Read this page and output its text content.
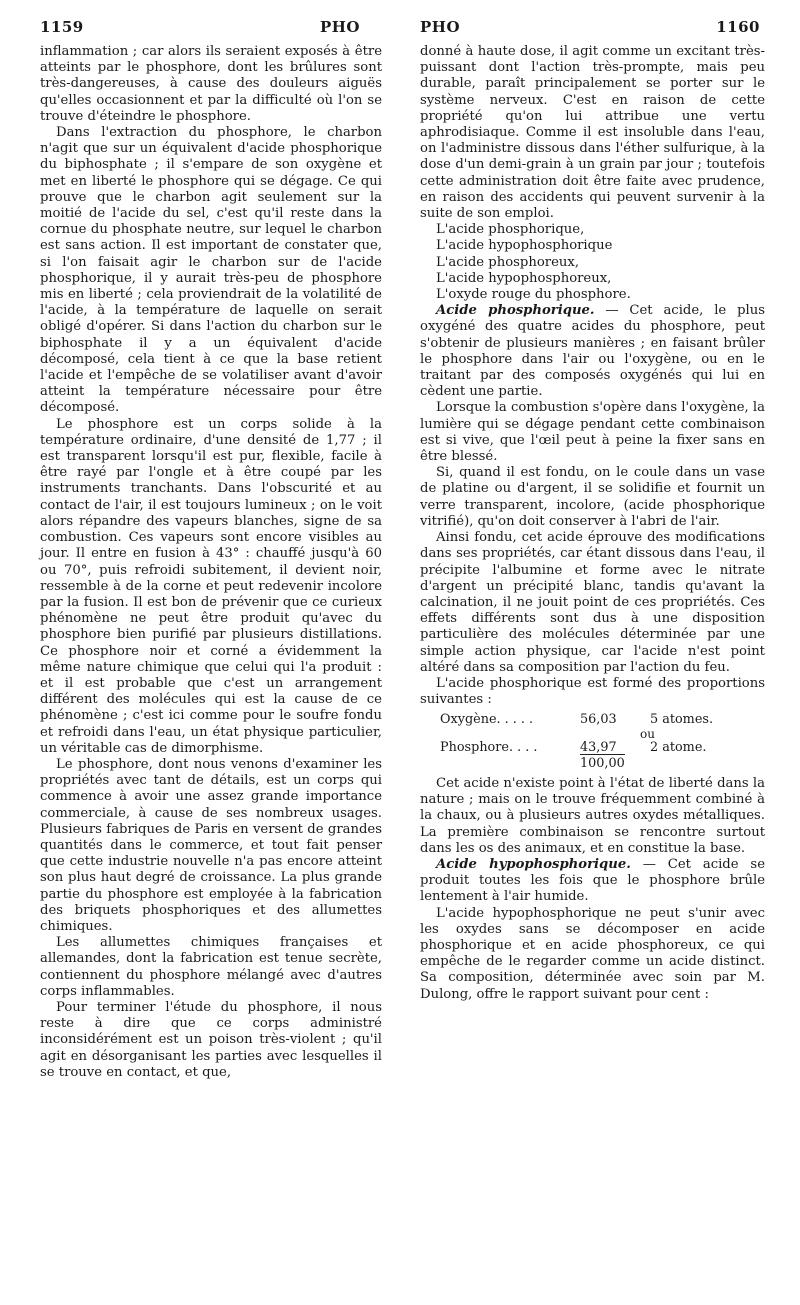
1159	PHO	PHO	1160

inflammation ; car alors ils seraient exposés à être atteints par le phosphore, dont les brûlures sont très-dangereuses, à cause des douleurs aiguës qu'elles occasionnent et par la difficulté où l'on se trouve d'éteindre le phosphore.

Dans l'extraction du phosphore, le charbon n'agit que sur un équivalent d'acide phosphorique du biphosphate ; il s'empare de son oxygène et met en liberté le phosphore qui se dégage. Ce qui prouve que le charbon agit seulement sur la moitié de l'acide du sel, c'est qu'il reste dans la cornue du phosphate neutre, sur lequel le charbon est sans action. Il est important de constater que, si l'on faisait agir le charbon sur de l'acide phosphorique, il y aurait très-peu de phosphore mis en liberté ; cela proviendrait de la volatilité de l'acide, à la température de laquelle on serait obligé d'opérer. Si dans l'action du charbon sur le biphosphate il y a un équivalent d'acide décomposé, cela tient à ce que la base retient l'acide et l'empêche de se volatiliser avant d'avoir atteint la température nécessaire pour être décomposé.

Le phosphore est un corps solide à la température ordinaire, d'une densité de 1,77 ; il est transparent lorsqu'il est pur, flexible, facile à être rayé par l'ongle et à être coupé par les instruments tranchants. Dans l'obscurité et au contact de l'air, il est toujours lumineux ; on le voit alors répandre des vapeurs blanches, signe de sa combustion. Ces vapeurs sont encore visibles au jour. Il entre en fusion à 43° : chauffé jusqu'à 60 ou 70°, puis refroidi subitement, il devient noir, ressemble à de la corne et peut redevenir incolore par la fusion. Il est bon de prévenir que ce curieux phénomène ne peut être produit qu'avec du phosphore bien purifié par plusieurs distillations. Ce phosphore noir et corné a évidemment la même nature chimique que celui qui l'a produit : et il est probable que c'est un arrangement différent des molécules qui est la cause de ce phénomène ; c'est ici comme pour le soufre fondu et refroidi dans l'eau, un état physique particulier, un véritable cas de dimorphisme.

Le phosphore, dont nous venons d'examiner les propriétés avec tant de détails, est un corps qui commence à avoir une assez grande importance commerciale, à cause de ses nombreux usages. Plusieurs fabriques de Paris en versent de grandes quantités dans le commerce, et tout fait penser que cette industrie nouvelle n'a pas encore atteint son plus haut degré de croissance. La plus grande partie du phosphore est employée à la fabrication des briquets phosphoriques et des allumettes chimiques.

Les allumettes chimiques françaises et allemandes, dont la fabrication est tenue secrète, contiennent du phosphore mélangé avec d'autres corps inflammables.

Pour terminer l'étude du phosphore, il nous reste à dire que ce corps administré inconsidérément est un poison très-violent ; qu'il agit en désorganisant les parties avec lesquelles il se trouve en contact, et que,

donné à haute dose, il agit comme un excitant très-puissant dont l'action très-prompte, mais peu durable, paraît principalement se porter sur le système nerveux. C'est en raison de cette propriété qu'on lui attribue une vertu aphrodisiaque. Comme il est insoluble dans l'eau, on l'administre dissous dans l'éther sulfurique, à la dose d'un demi-grain à un grain par jour ; toutefois cette administration doit être faite avec prudence, en raison des accidents qui peuvent survenir à la suite de son emploi.

L'acide phosphorique,
L'acide hypophosphorique
L'acide phosphoreux,
L'acide hypophosphoreux,
L'oxyde rouge du phosphore.

Acide phosphorique. — Cet acide, le plus oxygéné des quatre acides du phosphore, peut s'obtenir de plusieurs manières ; en faisant brûler le phosphore dans l'air ou l'oxygène, ou en le traitant par des composés oxygénés qui lui en cèdent une partie.

Lorsque la combustion s'opère dans l'oxygène, la lumière qui se dégage pendant cette combinaison est si vive, que l'œil peut à peine la fixer sans en être blessé.

Si, quand il est fondu, on le coule dans un vase de platine ou d'argent, il se solidifie et fournit un verre transparent, incolore, (acide phosphorique vitrifié), qu'on doit conserver à l'abri de l'air.

Ainsi fondu, cet acide éprouve des modifications dans ses propriétés, car étant dissous dans l'eau, il précipite l'albumine et forme avec le nitrate d'argent un précipité blanc, tandis qu'avant la calcination, il ne jouit point de ces propriétés. Ces effets différents sont dus à une disposition particulière des molécules déterminée par une simple action physique, car l'acide n'est point altéré dans sa composition par l'action du feu.

L'acide phosphorique est formé des proportions suivantes :

Oxygène. . . . .	56,03	5 atomes.
ou
Phosphore. . . .	43,97	2 atome.
100,00

Cet acide n'existe point à l'état de liberté dans la nature ; mais on le trouve fréquemment combiné à la chaux, ou à plusieurs autres oxydes métalliques. La première combinaison se rencontre surtout dans les os des animaux, et en constitue la base.

Acide hypophosphorique. — Cet acide se produit toutes les fois que le phosphore brûle lentement à l'air humide.

L'acide hypophosphorique ne peut s'unir avec les oxydes sans se décomposer en acide phosphorique et en acide phosphoreux, ce qui empêche de le regarder comme un acide distinct. Sa composition, déterminée avec soin par M. Dulong, offre le rapport suivant pour cent :
